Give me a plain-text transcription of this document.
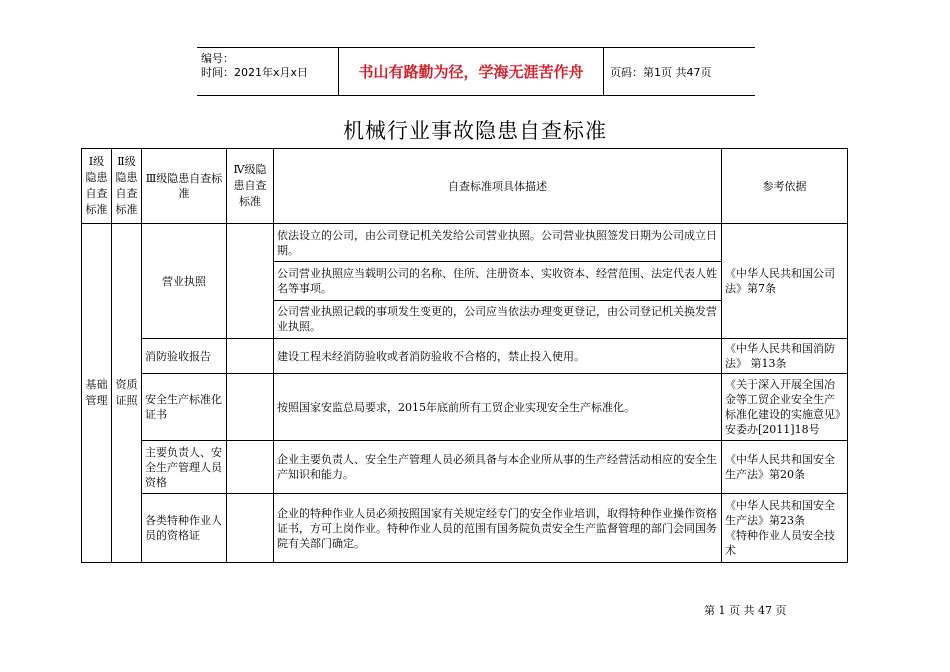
编号：
时间：2021年x月x日	书山有路勤为径，学海无涯苦作舟	页码：第1页 共47页
机械行业事故隐患自查标准
Ⅰ级隐患自查标准	Ⅱ级隐患自查标准	Ⅲ级隐患自查标准	Ⅳ级隐患自查标准	自查标准项具体描述	参考依据
基础管理	资质证照	营业执照		依法设立的公司，由公司登记机关发给公司营业执照。公司营业执照签发日期为公司成立日期。	《中华人民共和国公司法》第7条
				公司营业执照应当载明公司的名称、住所、注册资本、实收资本、经营范围、法定代表人姓名等事项。	
				公司营业执照记载的事项发生变更的，公司应当依法办理变更登记，由公司登记机关换发营业执照。	
		消防验收报告		建设工程未经消防验收或者消防验收不合格的，禁止投入使用。	《中华人民共和国消防法》 第13条
		安全生产标准化证书		按照国家安监总局要求，2015年底前所有工贸企业实现安全生产标准化。	《关于深入开展全国冶金等工贸企业安全生产标准化建设的实施意见》安委办[2011]18号
		主要负责人、安全生产管理人员资格		企业主要负责人、安全生产管理人员必须具备与本企业所从事的生产经营活动相应的安全生产知识和能力。	《中华人民共和国安全生产法》第20条
		各类特种作业人员的资格证		企业的特种作业人员必须按照国家有关规定经专门的安全作业培训，取得特种作业操作资格证书，方可上岗作业。特种作业人员的范围有国务院负责安全生产监督管理的部门会同国务院有关部门确定。	《中华人民共和国安全生产法》第23条
《特种作业人员安全技术
第 1 页 共 47 页
